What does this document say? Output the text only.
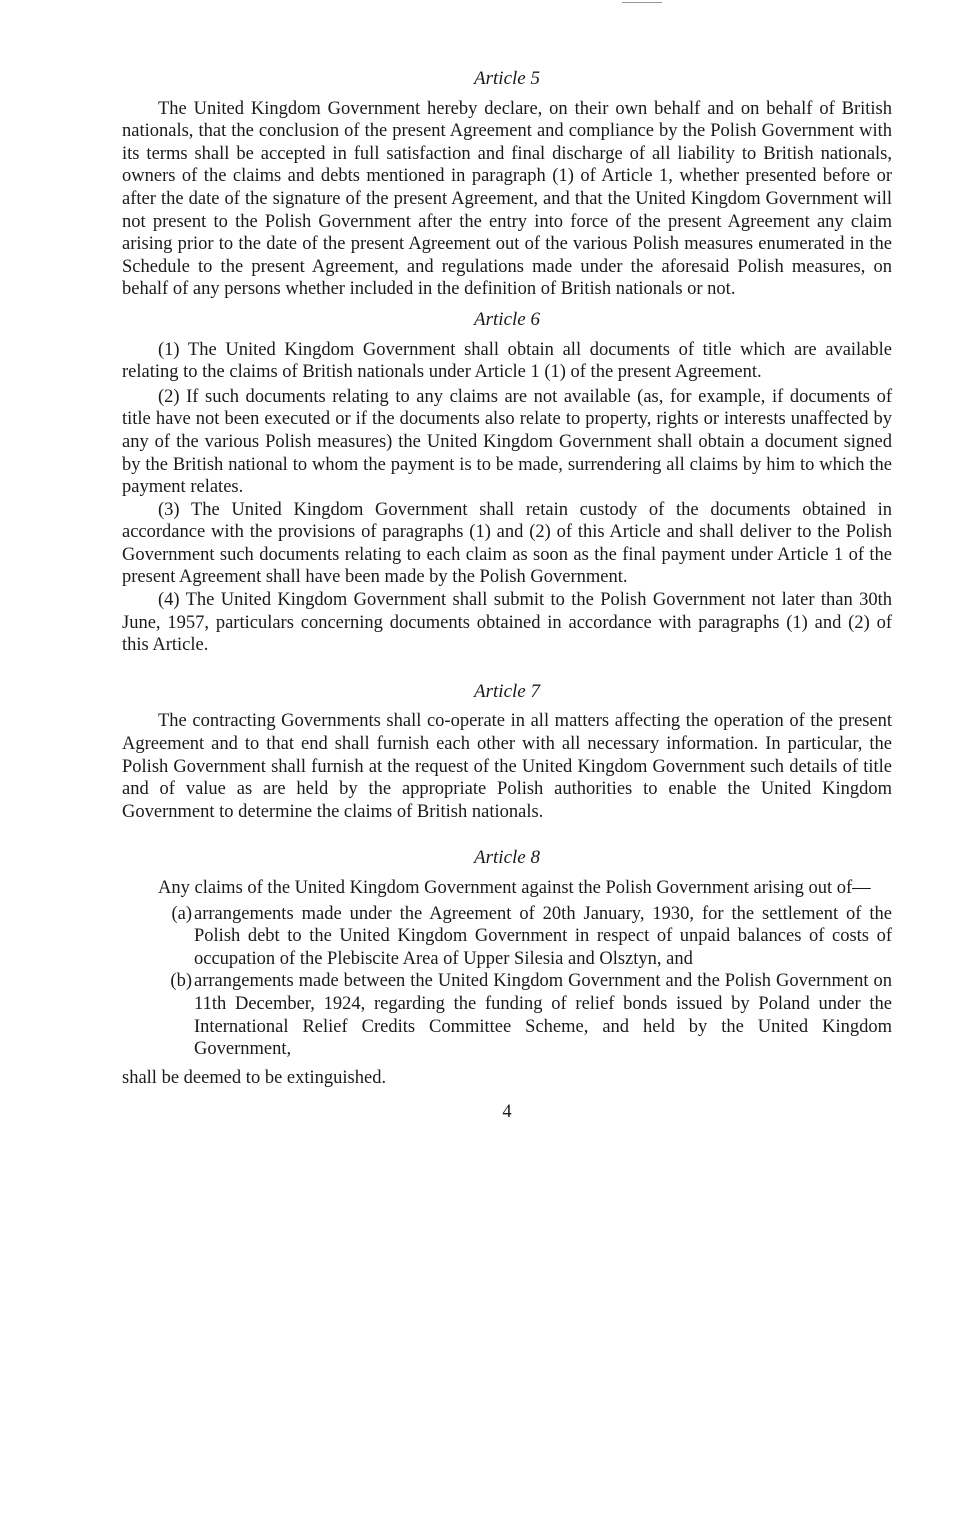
Article 5

The United Kingdom Government hereby declare, on their own behalf and on behalf of British nationals, that the conclusion of the present Agreement and compliance by the Polish Government with its terms shall be accepted in full satisfaction and final discharge of all liability to British nationals, owners of the claims and debts mentioned in paragraph (1) of Article 1, whether presented before or after the date of the signature of the present Agreement, and that the United Kingdom Government will not present to the Polish Government after the entry into force of the present Agreement any claim arising prior to the date of the present Agreement out of the various Polish measures enumerated in the Schedule to the present Agreement, and regulations made under the aforesaid Polish measures, on behalf of any persons whether included in the definition of British nationals or not.

Article 6

(1) The United Kingdom Government shall obtain all documents of title which are available relating to the claims of British nationals under Article 1 (1) of the present Agreement.

(2) If such documents relating to any claims are not available (as, for example, if documents of title have not been executed or if the documents also relate to property, rights or interests unaffected by any of the various Polish measures) the United Kingdom Government shall obtain a document signed by the British national to whom the payment is to be made, surrendering all claims by him to which the payment relates.

(3) The United Kingdom Government shall retain custody of the documents obtained in accordance with the provisions of paragraphs (1) and (2) of this Article and shall deliver to the Polish Government such documents relating to each claim as soon as the final payment under Article 1 of the present Agreement shall have been made by the Polish Government.

(4) The United Kingdom Government shall submit to the Polish Government not later than 30th June, 1957, particulars concerning documents obtained in accordance with paragraphs (1) and (2) of this Article.

Article 7

The contracting Governments shall co-operate in all matters affecting the operation of the present Agreement and to that end shall furnish each other with all necessary information. In particular, the Polish Government shall furnish at the request of the United Kingdom Government such details of title and of value as are held by the appropriate Polish authorities to enable the United Kingdom Government to determine the claims of British nationals.

Article 8

Any claims of the United Kingdom Government against the Polish Government arising out of—

(a) arrangements made under the Agreement of 20th January, 1930, for the settlement of the Polish debt to the United Kingdom Government in respect of unpaid balances of costs of occupation of the Plebiscite Area of Upper Silesia and Olsztyn, and
(b) arrangements made between the United Kingdom Government and the Polish Government on 11th December, 1924, regarding the funding of relief bonds issued by Poland under the International Relief Credits Committee Scheme, and held by the United Kingdom Government,

shall be deemed to be extinguished.

4
